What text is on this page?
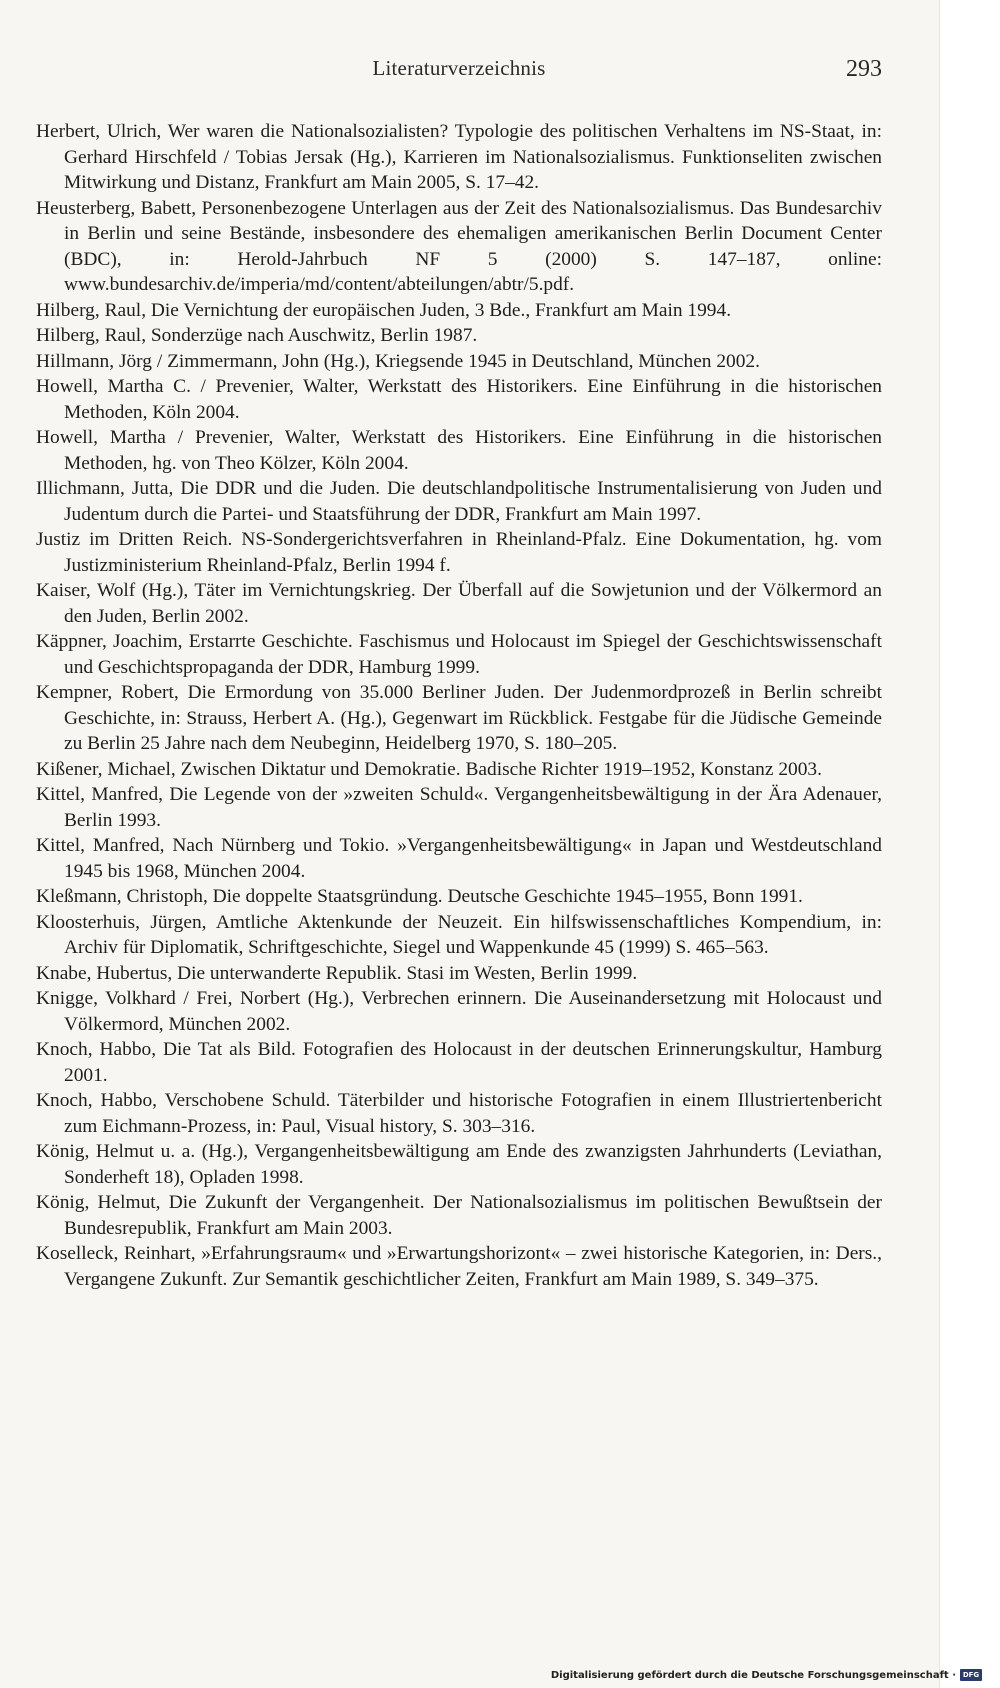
Literaturverzeichnis	293
Herbert, Ulrich, Wer waren die Nationalsozialisten? Typologie des politischen Verhaltens im NS-Staat, in: Gerhard Hirschfeld / Tobias Jersak (Hg.), Karrieren im Nationalsozialismus. Funktionseliten zwischen Mitwirkung und Distanz, Frankfurt am Main 2005, S. 17–42.
Heusterberg, Babett, Personenbezogene Unterlagen aus der Zeit des Nationalsozialismus. Das Bundesarchiv in Berlin und seine Bestände, insbesondere des ehemaligen amerikanischen Berlin Document Center (BDC), in: Herold-Jahrbuch NF 5 (2000) S. 147–187, online: www.bundesarchiv.de/imperia/md/content/abteilungen/abtr/5.pdf.
Hilberg, Raul, Die Vernichtung der europäischen Juden, 3 Bde., Frankfurt am Main 1994.
Hilberg, Raul, Sonderzüge nach Auschwitz, Berlin 1987.
Hillmann, Jörg / Zimmermann, John (Hg.), Kriegsende 1945 in Deutschland, München 2002.
Howell, Martha C. / Prevenier, Walter, Werkstatt des Historikers. Eine Einführung in die historischen Methoden, Köln 2004.
Howell, Martha / Prevenier, Walter, Werkstatt des Historikers. Eine Einführung in die historischen Methoden, hg. von Theo Kölzer, Köln 2004.
Illichmann, Jutta, Die DDR und die Juden. Die deutschlandpolitische Instrumentalisierung von Juden und Judentum durch die Partei- und Staatsführung der DDR, Frankfurt am Main 1997.
Justiz im Dritten Reich. NS-Sondergerichtsverfahren in Rheinland-Pfalz. Eine Dokumentation, hg. vom Justizministerium Rheinland-Pfalz, Berlin 1994 f.
Kaiser, Wolf (Hg.), Täter im Vernichtungskrieg. Der Überfall auf die Sowjetunion und der Völkermord an den Juden, Berlin 2002.
Käppner, Joachim, Erstarrte Geschichte. Faschismus und Holocaust im Spiegel der Geschichtswissenschaft und Geschichtspropaganda der DDR, Hamburg 1999.
Kempner, Robert, Die Ermordung von 35.000 Berliner Juden. Der Judenmordprozeß in Berlin schreibt Geschichte, in: Strauss, Herbert A. (Hg.), Gegenwart im Rückblick. Festgabe für die Jüdische Gemeinde zu Berlin 25 Jahre nach dem Neubeginn, Heidelberg 1970, S. 180–205.
Kißener, Michael, Zwischen Diktatur und Demokratie. Badische Richter 1919–1952, Konstanz 2003.
Kittel, Manfred, Die Legende von der »zweiten Schuld«. Vergangenheitsbewältigung in der Ära Adenauer, Berlin 1993.
Kittel, Manfred, Nach Nürnberg und Tokio. »Vergangenheitsbewältigung« in Japan und Westdeutschland 1945 bis 1968, München 2004.
Kleßmann, Christoph, Die doppelte Staatsgründung. Deutsche Geschichte 1945–1955, Bonn 1991.
Kloosterhuis, Jürgen, Amtliche Aktenkunde der Neuzeit. Ein hilfswissenschaftliches Kompendium, in: Archiv für Diplomatik, Schriftgeschichte, Siegel und Wappenkunde 45 (1999) S. 465–563.
Knabe, Hubertus, Die unterwanderte Republik. Stasi im Westen, Berlin 1999.
Knigge, Volkhard / Frei, Norbert (Hg.), Verbrechen erinnern. Die Auseinandersetzung mit Holocaust und Völkermord, München 2002.
Knoch, Habbo, Die Tat als Bild. Fotografien des Holocaust in der deutschen Erinnerungskultur, Hamburg 2001.
Knoch, Habbo, Verschobene Schuld. Täterbilder und historische Fotografien in einem Illustriertenbericht zum Eichmann-Prozess, in: Paul, Visual history, S. 303–316.
König, Helmut u. a. (Hg.), Vergangenheitsbewältigung am Ende des zwanzigsten Jahrhunderts (Leviathan, Sonderheft 18), Opladen 1998.
König, Helmut, Die Zukunft der Vergangenheit. Der Nationalsozialismus im politischen Bewußtsein der Bundesrepublik, Frankfurt am Main 2003.
Koselleck, Reinhart, »Erfahrungsraum« und »Erwartungshorizont« – zwei historische Kategorien, in: Ders., Vergangene Zukunft. Zur Semantik geschichtlicher Zeiten, Frankfurt am Main 1989, S. 349–375.
Digitalisierung gefördert durch die Deutsche Forschungsgemeinschaft · DFG
